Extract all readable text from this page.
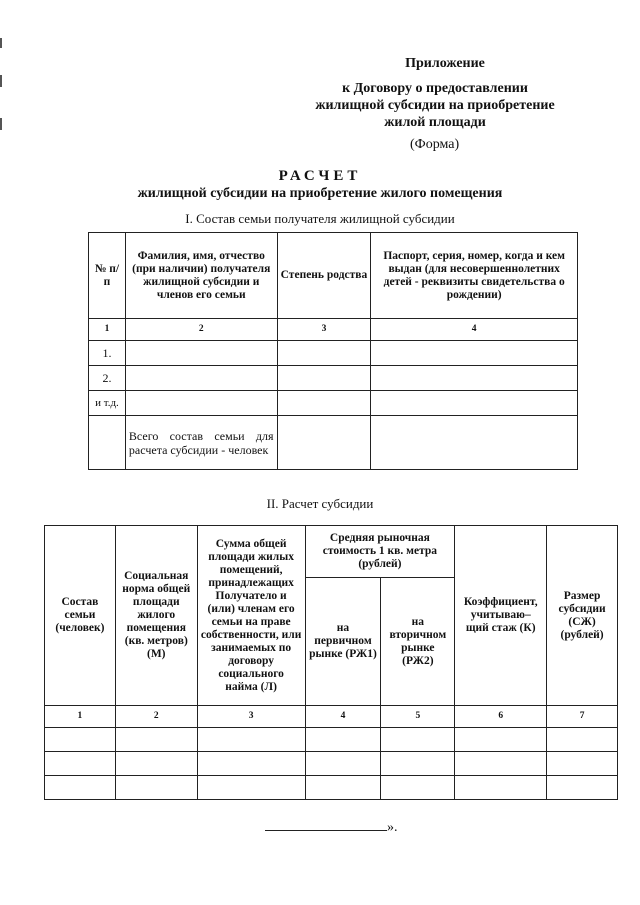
Приложение
к Договору о предоставлении
жилищной субсидии на приобретение
жилой площади
(Форма)
РАСЧЕТ
жилищной субсидии на приобретение жилого помещения
I. Состав семьи получателя жилищной субсидии
№ п/п	Фамилия, имя, отчество (при наличии) получателя жилищной субсидии и членов его семьи	Степень родства	Паспорт, серия, номер, когда и кем выдан (для несовершеннолетних детей - реквизиты свидетельства о рождении)
1	2	3	4
1.			
2.			
и т.д.			
	Всего состав семьи для расчета субсидии - человек		
II. Расчет субсидии
Состав семьи (человек)	Социальная норма общей площади жилого помещения (кв. метров) (М)	Сумма общей площади жилых помещений, принадлежащих Получатело и (или) членам его семьи на праве собственности, или занимаемых по договору социального найма (Л)	Средняя рыночная стоимость 1 кв. метра (рублей)		Коэффициент, учитываю– щий стаж (К)	Размер субсидии (СЖ) (рублей)
			на первичном рынке (РЖ1)	на вторичном рынке (РЖ2)		
1	2	3	4	5	6	7

».
